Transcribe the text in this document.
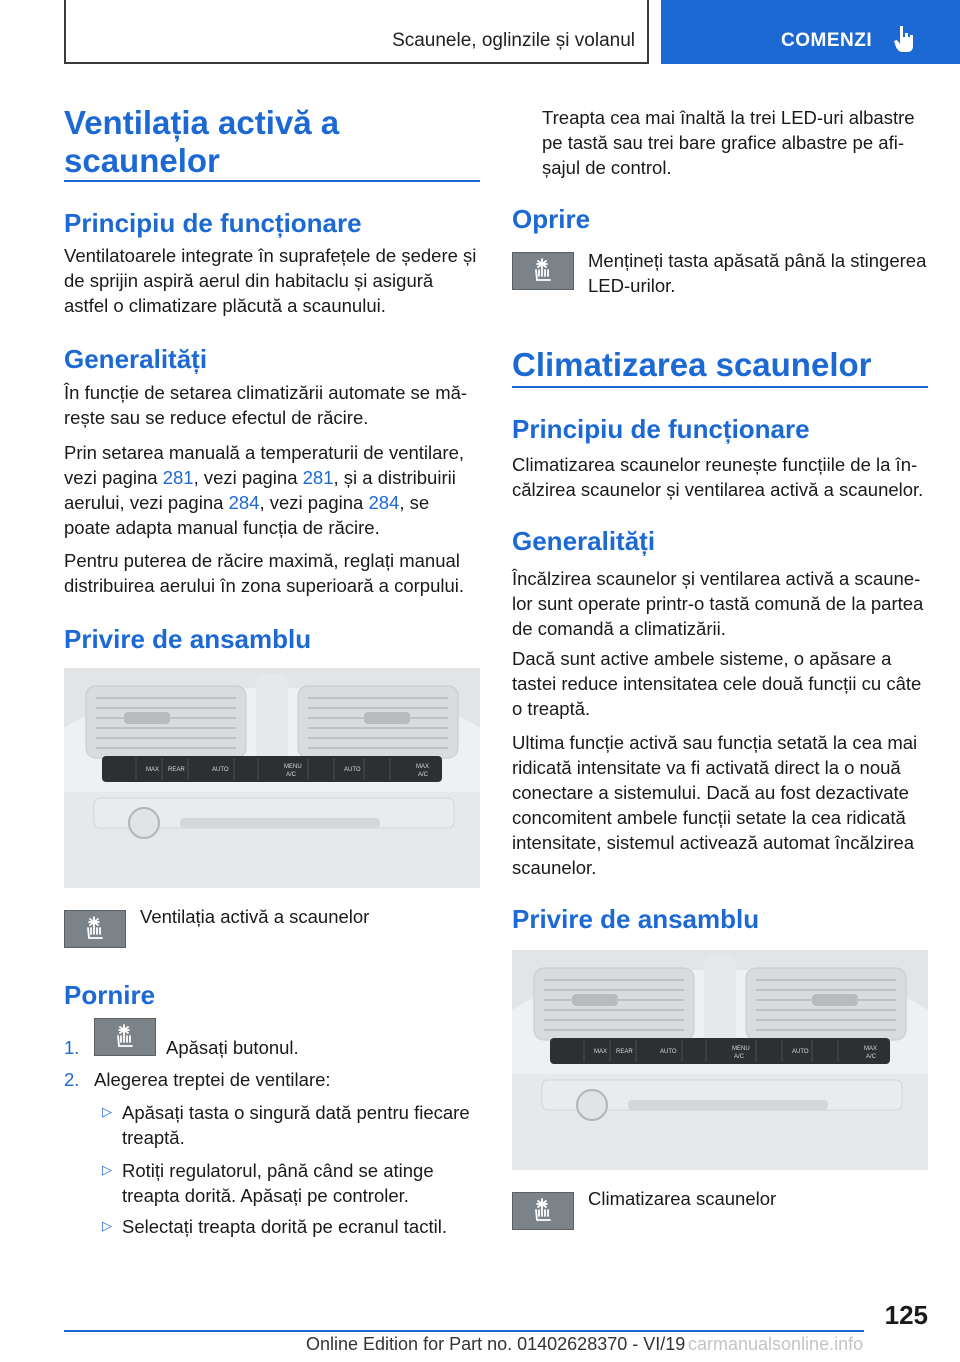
Scaunele, oglinzile și volanul	COMENZI
Ventilația activă a scaunelor
Principiu de funcționare

Ventilatoarele integrate în suprafețele de ședere și de sprijin aspiră aerul din habitaclu și asigură astfel o climatizare plăcută a scaunului.

Generalități

În funcție de setarea climatizării automate se mărește sau se reduce efectul de răcire.

Prin setarea manuală a temperaturii de ventilare, vezi pagina 281, vezi pagina 281, și a distribuirii aerului, vezi pagina 284, vezi pagina 284, se poate adapta manual funcția de răcire.

Pentru puterea de răcire maximă, reglați manual distribuirea aerului în zona superioară a corpului.

Privire de ansamblu
MAX REAR	AUTO	MENU
A/C
AUTO	MAX
A/C
Ventilația activă a scaunelor
Pornire
1.	Apăsați butonul.
2. Alegerea treptei de ventilare:
▷ Apăsați tasta o singură dată pentru fiecare treaptă.

▷ Rotiți regulatorul, până când se atinge treapta dorită. Apăsați pe controler.

▷ Selectați treapta dorită pe ecranul tactil.

Treapta cea mai înaltă la trei LED-uri albastre pe tastă sau trei bare grafice albastre pe afișajul de control.

Oprire

Mențineți tasta apăsată până la stingerea LED-urilor.

Climatizarea scaunelor
Principiu de funcționare

Climatizarea scaunelor reunește funcțiile de la încălzirea scaunelor și ventilarea activă a scaunelor.

Generalități

Încălzirea scaunelor și ventilarea activă a scaunelor sunt operate printr-o tastă comună de la partea de comandă a climatizării.

Dacă sunt active ambele sisteme, o apăsare a tastei reduce intensitatea cele două funcții cu câte o treaptă.

Ultima funcție activă sau funcția setată la cea mai ridicată intensitate va fi activată direct la o nouă conectare a sistemului. Dacă au fost dezactivate concomitent ambele funcții setate la cea ridicată intensitate, sistemul activează automat încălzirea scaunelor.

Privire de ansamblu
MAX REAR	AUTO	MENU
A/C
AUTO	MAX
A/C
Climatizarea scaunelor
125
Online Edition for Part no. 01402628370 - VI/19 carmanualsonline.info
